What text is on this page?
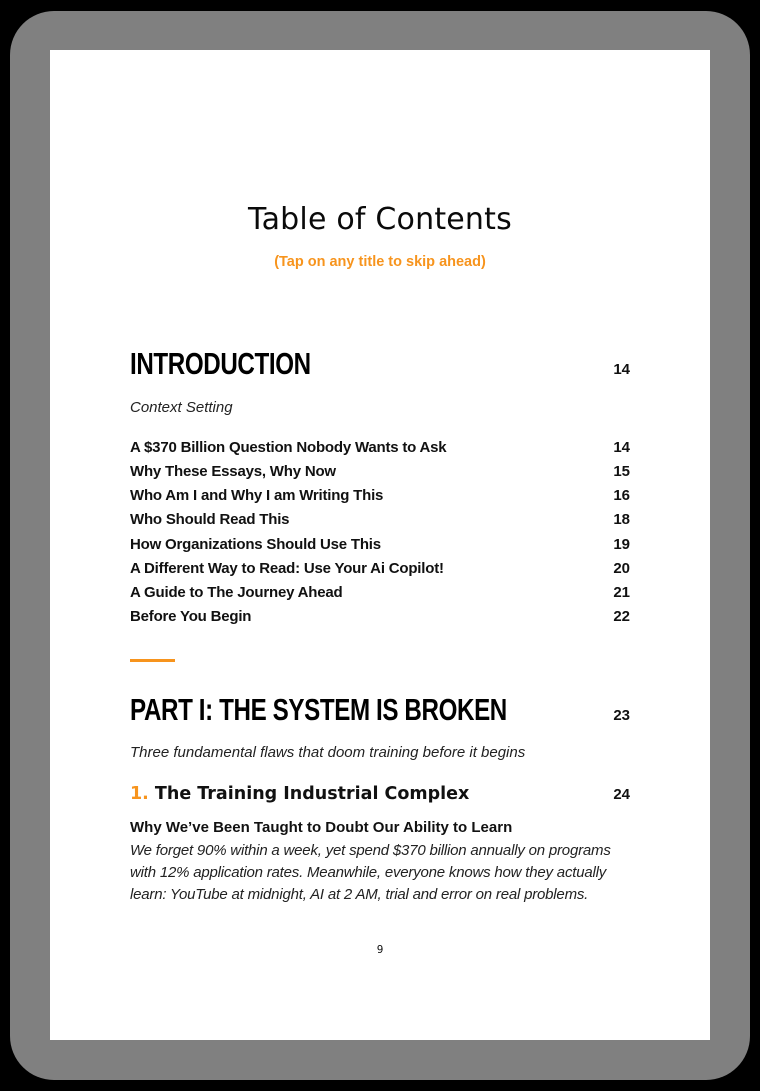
Table of Contents
(Tap on any title to skip ahead)
INTRODUCTION	14
Context Setting
A $370 Billion Question Nobody Wants to Ask	14
Why These Essays, Why Now	15
Who Am I and Why I am Writing This	16
Who Should Read This	18
How Organizations Should Use This	19
A Different Way to Read: Use Your Ai Copilot!	20
A Guide to The Journey Ahead	21
Before You Begin	22
PART I: THE SYSTEM IS BROKEN	23
Three fundamental flaws that doom training before it begins
1. The Training Industrial Complex	24
Why We’ve Been Taught to Doubt Our Ability to Learn
We forget 90% within a week, yet spend $370 billion annually on programs with 12% application rates. Meanwhile, everyone knows how they actually learn: YouTube at midnight, AI at 2 AM, trial and error on real problems.
9
